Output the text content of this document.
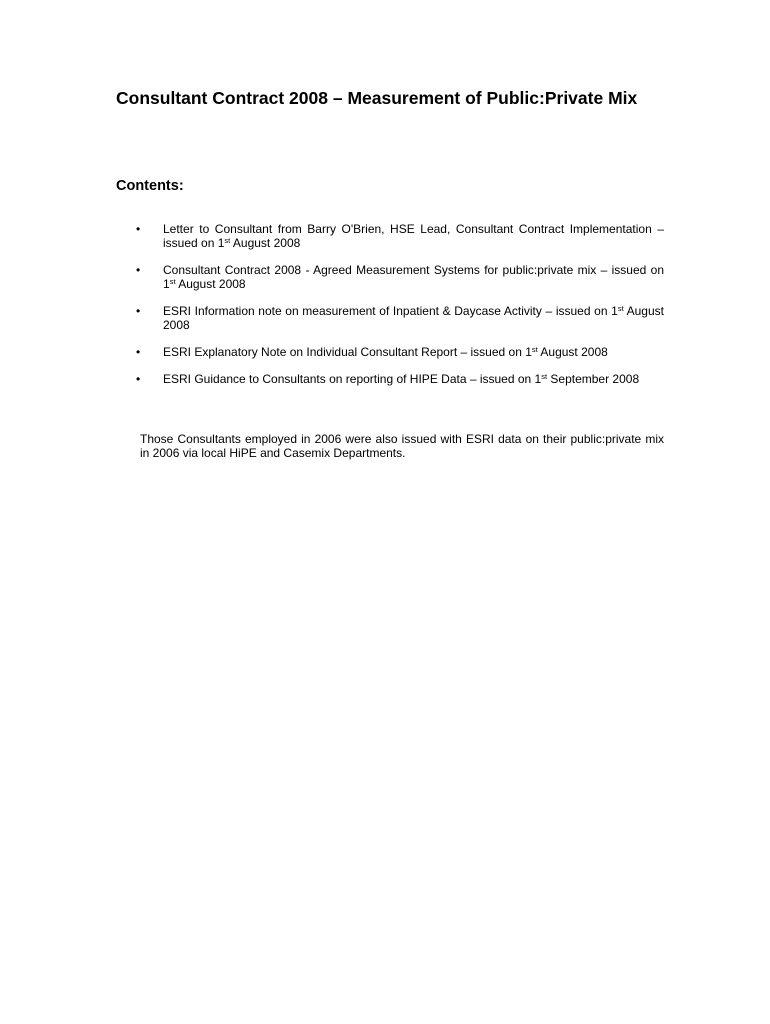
Consultant Contract 2008 – Measurement of Public:Private Mix
Contents:
• Letter to Consultant from Barry O'Brien, HSE Lead, Consultant Contract Implementation – issued on 1st August 2008
• Consultant Contract 2008 - Agreed Measurement Systems for public:private mix – issued on 1st August 2008
• ESRI Information note on measurement of Inpatient & Daycase Activity – issued on 1st August 2008
• ESRI Explanatory Note on Individual Consultant Report – issued on 1st August 2008
• ESRI Guidance to Consultants on reporting of HIPE Data – issued on 1st September 2008

Those Consultants employed in 2006 were also issued with ESRI data on their public:private mix in 2006 via local HiPE and Casemix Departments.
